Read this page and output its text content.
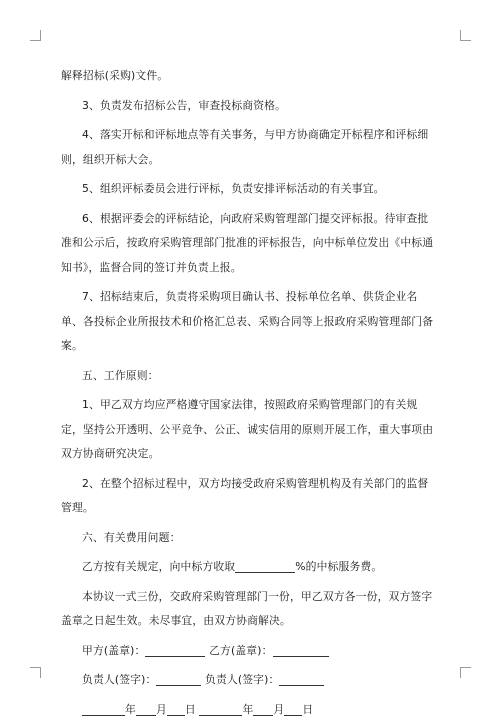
解释招标(采购)文件。

3、负责发布招标公告，审查投标商资格。

4、落实开标和评标地点等有关事务，与甲方协商确定开标程序和评标细则，组织开标大会。

5、组织评标委员会进行评标，负责安排评标活动的有关事宜。

6、根据评委会的评标结论，向政府采购管理部门提交评标报。待审查批准和公示后，按政府采购管理部门批准的评标报告，向中标单位发出《中标通知书》，监督合同的签订并负责上报。

7、招标结束后，负责将采购项目确认书、投标单位名单、供货企业名单、各投标企业所报技术和价格汇总表、采购合同等上报政府采购管理部门备案。

五、工作原则：

1、甲乙双方均应严格遵守国家法律，按照政府采购管理部门的有关规定，坚持公开透明、公平竞争、公正、诚实信用的原则开展工作，重大事项由双方协商研究决定。

2、在整个招标过程中，双方均接受政府采购管理机构及有关部门的监督管理。

六、有关费用问题：

乙方按有关规定，向中标方收取	%的中标服务费。

本协议一式三份，交政府采购管理部门一份，甲乙双方各一份，双方签字盖章之日起生效。未尽事宜，由双方协商解决。

甲方(盖章)：	乙方(盖章)：

负责人(签字)：	负责人(签字)：

年 月 日	年 月 日
